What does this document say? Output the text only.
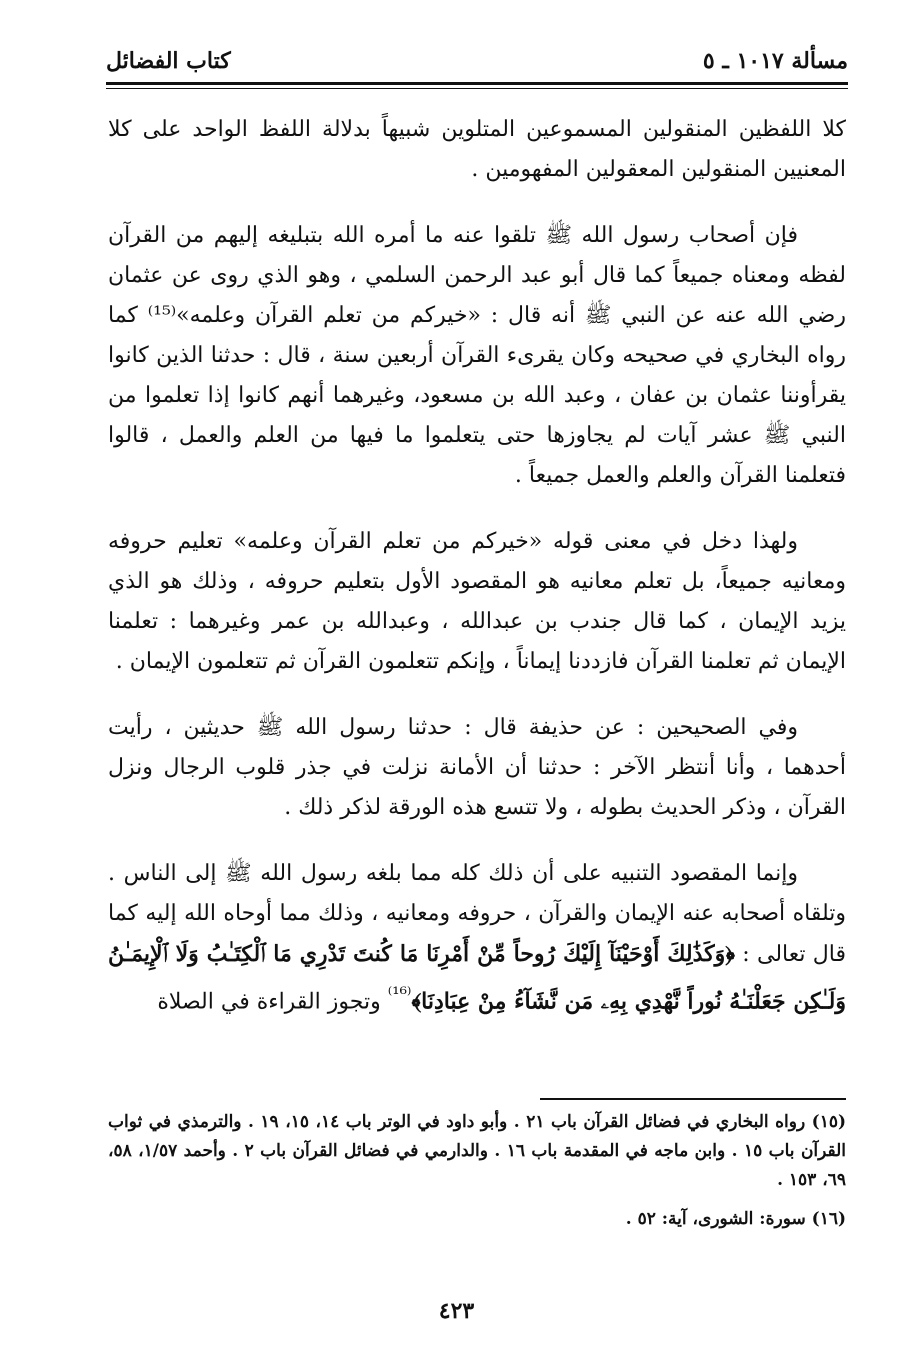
مسألة ١٠١٧ ـ ٥
كتاب الفضائل

كلا اللفظين المنقولين المسموعين المتلوين شبيهاً بدلالة اللفظ الواحد على كلا المعنيين المنقولين المعقولين المفهومين .

فإن أصحاب رسول الله ﷺ تلقوا عنه ما أمره الله بتبليغه إليهم من القرآن لفظه ومعناه جميعاً كما قال أبو عبد الرحمن السلمي ، وهو الذي روى عن عثمان رضي الله عنه عن النبي ﷺ أنه قال : «خيركم من تعلم القرآن وعلمه»⁽¹⁵⁾ كما رواه البخاري في صحيحه وكان يقرىء القرآن أربعين سنة ، قال : حدثنا الذين كانوا يقرأوننا عثمان بن عفان ، وعبد الله بن مسعود، وغيرهما أنهم كانوا إذا تعلموا من النبي ﷺ عشر آيات لم يجاوزها حتى يتعلموا ما فيها من العلم والعمل ، قالوا فتعلمنا القرآن والعلم والعمل جميعاً .

ولهذا دخل في معنى قوله «خيركم من تعلم القرآن وعلمه» تعليم حروفه ومعانيه جميعاً، بل تعلم معانيه هو المقصود الأول بتعليم حروفه ، وذلك هو الذي يزيد الإيمان ، كما قال جندب بن عبدالله ، وعبدالله بن عمر وغيرهما : تعلمنا الإيمان ثم تعلمنا القرآن فازددنا إيماناً ، وإنكم تتعلمون القرآن ثم تتعلمون الإيمان .

وفي الصحيحين : عن حذيفة قال : حدثنا رسول الله ﷺ حديثين ، رأيت أحدهما ، وأنا أنتظر الآخر : حدثنا أن الأمانة نزلت في جذر قلوب الرجال ونزل القرآن ، وذكر الحديث بطوله ، ولا تتسع هذه الورقة لذكر ذلك .

وإنما المقصود التنبيه على أن ذلك كله مما بلغه رسول الله ﷺ إلى الناس . وتلقاه أصحابه عنه الإيمان والقرآن ، حروفه ومعانيه ، وذلك مما أوحاه الله إليه كما قال تعالى : ﴿وَكَذَٰلِكَ أَوْحَيْنَآ إِلَيْكَ رُوحاً مِّنْ أَمْرِنَا مَا كُنتَ تَدْرِي مَا ٱلْكِتَـٰبُ وَلَا ٱلْإِيمَـٰنُ وَلَـٰكِن جَعَلْنَـٰهُ نُوراً نَّهْدِي بِهِۦ مَن نَّشَآءُ مِنْ عِبَادِنَا﴾$^{^{(16)}}$ وتجوز القراءة في الصلاة

(١٥) رواه البخاري في فضائل القرآن باب ٢١ . وأبو داود في الوتر باب ١٤، ١٥، ١٩ . والترمذي في ثواب القرآن باب ١٥ . وابن ماجه في المقدمة باب ١٦ . والدارمي في فضائل القرآن باب ٢ . وأحمد ١/٥٧، ٥٨، ٦٩، ١٥٣ .

(١٦) سورة: الشورى، آية: ٥٢ .

٤٢٣
